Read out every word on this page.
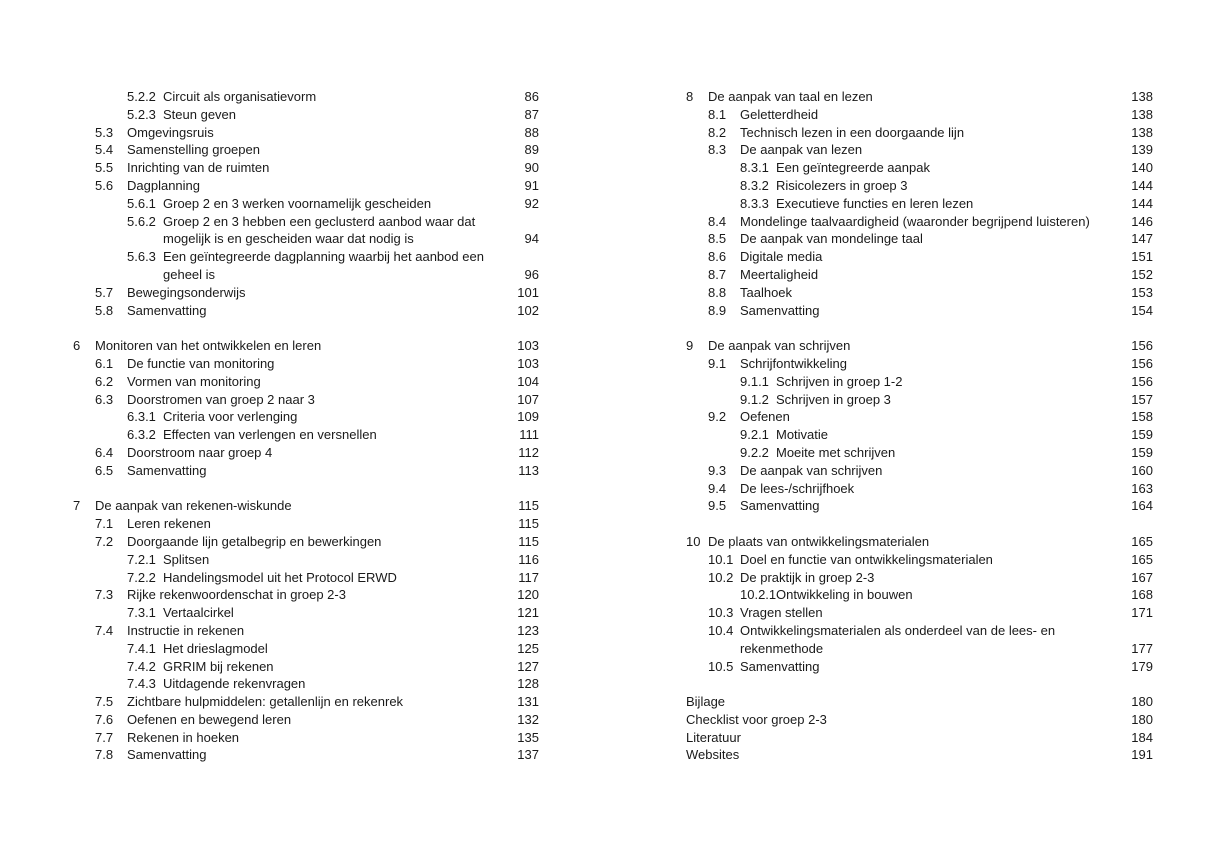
5.2.2 Circuit als organisatievorm	86
5.2.3 Steun geven	87
5.3 Omgevingsruis	88
5.4 Samenstelling groepen	89
5.5 Inrichting van de ruimten	90
5.6 Dagplanning	91
5.6.1 Groep 2 en 3 werken voornamelijk gescheiden	92
5.6.2 Groep 2 en 3 hebben een geclusterd aanbod waar dat
mogelijk is en gescheiden waar dat nodig is	94
5.6.3 Een geïntegreerde dagplanning waarbij het aanbod een
geheel is	96
5.7 Bewegingsonderwijs	101
5.8 Samenvatting	102
6 Monitoren van het ontwikkelen en leren	103
6.1 De functie van monitoring	103
6.2 Vormen van monitoring	104
6.3 Doorstromen van groep 2 naar 3	107
6.3.1 Criteria voor verlenging	109
6.3.2 Effecten van verlengen en versnellen	111
6.4 Doorstroom naar groep 4	112
6.5 Samenvatting	113
7 De aanpak van rekenen-wiskunde	115
7.1 Leren rekenen	115
7.2 Doorgaande lijn getalbegrip en bewerkingen	115
7.2.1 Splitsen	116
7.2.2 Handelingsmodel uit het Protocol ERWD	117
7.3 Rijke rekenwoordenschat in groep 2-3	120
7.3.1 Vertaalcirkel	121
7.4 Instructie in rekenen	123
7.4.1 Het drieslagmodel	125
7.4.2 GRRIM bij rekenen	127
7.4.3 Uitdagende rekenvragen	128
7.5 Zichtbare hulpmiddelen: getallenlijn en rekenrek	131
7.6 Oefenen en bewegend leren	132
7.7 Rekenen in hoeken	135
7.8 Samenvatting	137
8 De aanpak van taal en lezen	138
8.1 Geletterdheid	138
8.2 Technisch lezen in een doorgaande lijn	138
8.3 De aanpak van lezen	139
8.3.1 Een geïntegreerde aanpak	140
8.3.2 Risicolezers in groep 3	144
8.3.3 Executieve functies en leren lezen	144
8.4 Mondelinge taalvaardigheid (waaronder begrijpend luisteren)	146
8.5 De aanpak van mondelinge taal	147
8.6 Digitale media	151
8.7 Meertaligheid	152
8.8 Taalhoek	153
8.9 Samenvatting	154
9 De aanpak van schrijven	156
9.1 Schrijfontwikkeling	156
9.1.1 Schrijven in groep 1-2	156
9.1.2 Schrijven in groep 3	157
9.2 Oefenen	158
9.2.1 Motivatie	159
9.2.2 Moeite met schrijven	159
9.3 De aanpak van schrijven	160
9.4 De lees-/schrijfhoek	163
9.5 Samenvatting	164
10 De plaats van ontwikkelingsmaterialen	165
10.1 Doel en functie van ontwikkelingsmaterialen	165
10.2 De praktijk in groep 2-3	167
10.2.1 Ontwikkeling in bouwen	168
10.3 Vragen stellen	171
10.4 Ontwikkelingsmaterialen als onderdeel van de lees- en
rekenmethode	177
10.5 Samenvatting	179
Bijlage	180
Checklist voor groep 2-3	180
Literatuur	184
Websites	191
